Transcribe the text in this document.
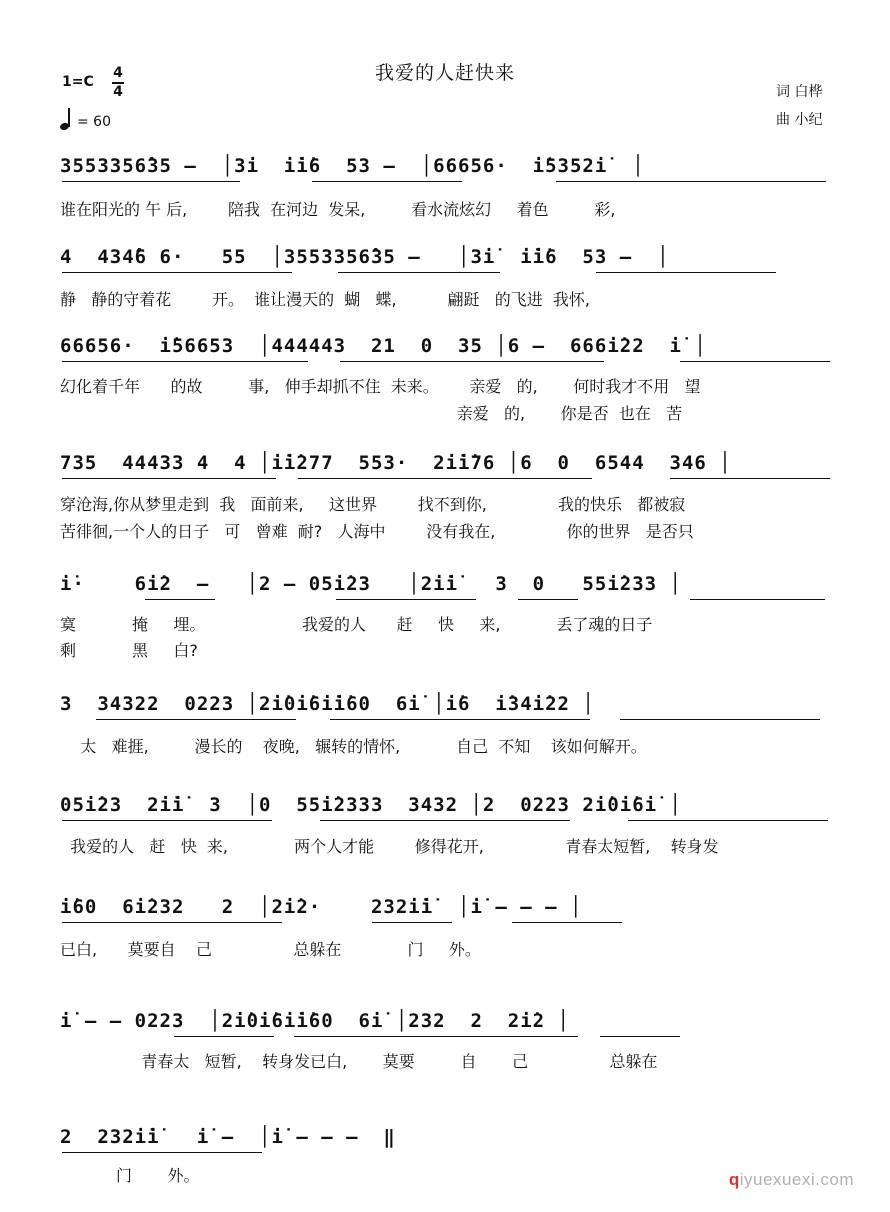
我爱的人赶快来
1=C
4
4
= 60
词 白桦
曲 小纪
3553356̂35 –  │3i  i̇i̇6  53 –  │66656·  i̇5352i̇  │
谁在阳光的 午 后,        陪我  在河边  发呆,         看水流炫幻     着色         彩,
4  434̂6 6·   55  │3553356̂35 –   │3i̇  i̇i̇6  53 –  │
静   静的守着花        开。  谁让漫天的  蝴   蝶,          翩跹   的飞进  我怀,
66656·  i̇56653  │444443  21  0  35 │6 –  666i̇22  i̇ │
幻化着千年      的故         事,   伸手却抓不住  未来。      亲爱   的,       何时我才不用   望
亲爱   的,       你是否  也在   苦
735  44433 4  4 │i̇i̇277  553·  2i̇i̇76 │6  0  6544  346 │
穿沧海,你从梦里走到  我   面前来,     这世界        找不到你,              我的快乐   都被寂
苦徘徊,一个人的日子   可   曾难  耐?   人海中        没有我在,              你的世界   是否只
i̇·    6i̇2  –   │2 – 05i̇23   │2i̇i̇   3  0   55i̇233 │
寞           掩     埋。                   我爱的人      赶     快     来,           丢了魂的日子
剩           黑     白?
3  34322  0223 │2i̇0i̇6i̇i̇60  6i̇ │i̇6  i̇34i̇22 │
太   难捱,         漫长的    夜晚,   辗转的情怀,           自己  不知    该如何解开。
05i̇23  2i̇i̇  3  │0  55i̇2333  3432 │2  0223 2i̇0i̇6i̇ │
我爱的人   赶   快  来,             两个人才能        修得花开,                青春太短暂,    转身发
i̇60  6i̇232   2  │2i̇2·    232i̇i̇  │i̇ – – – │
已白,      莫要自    己                总躲在             门     外。
i̇ – – 0223  │2i̇0i̇6i̇i̇60  6i̇ │232  2  2i̇2 │
青春太   短暂,    转身发已白,       莫要         自       己                总躲在
2  232i̇i̇   i̇ –  │i̇ – – –  ‖
门       外。	qiyuexuexi.com
